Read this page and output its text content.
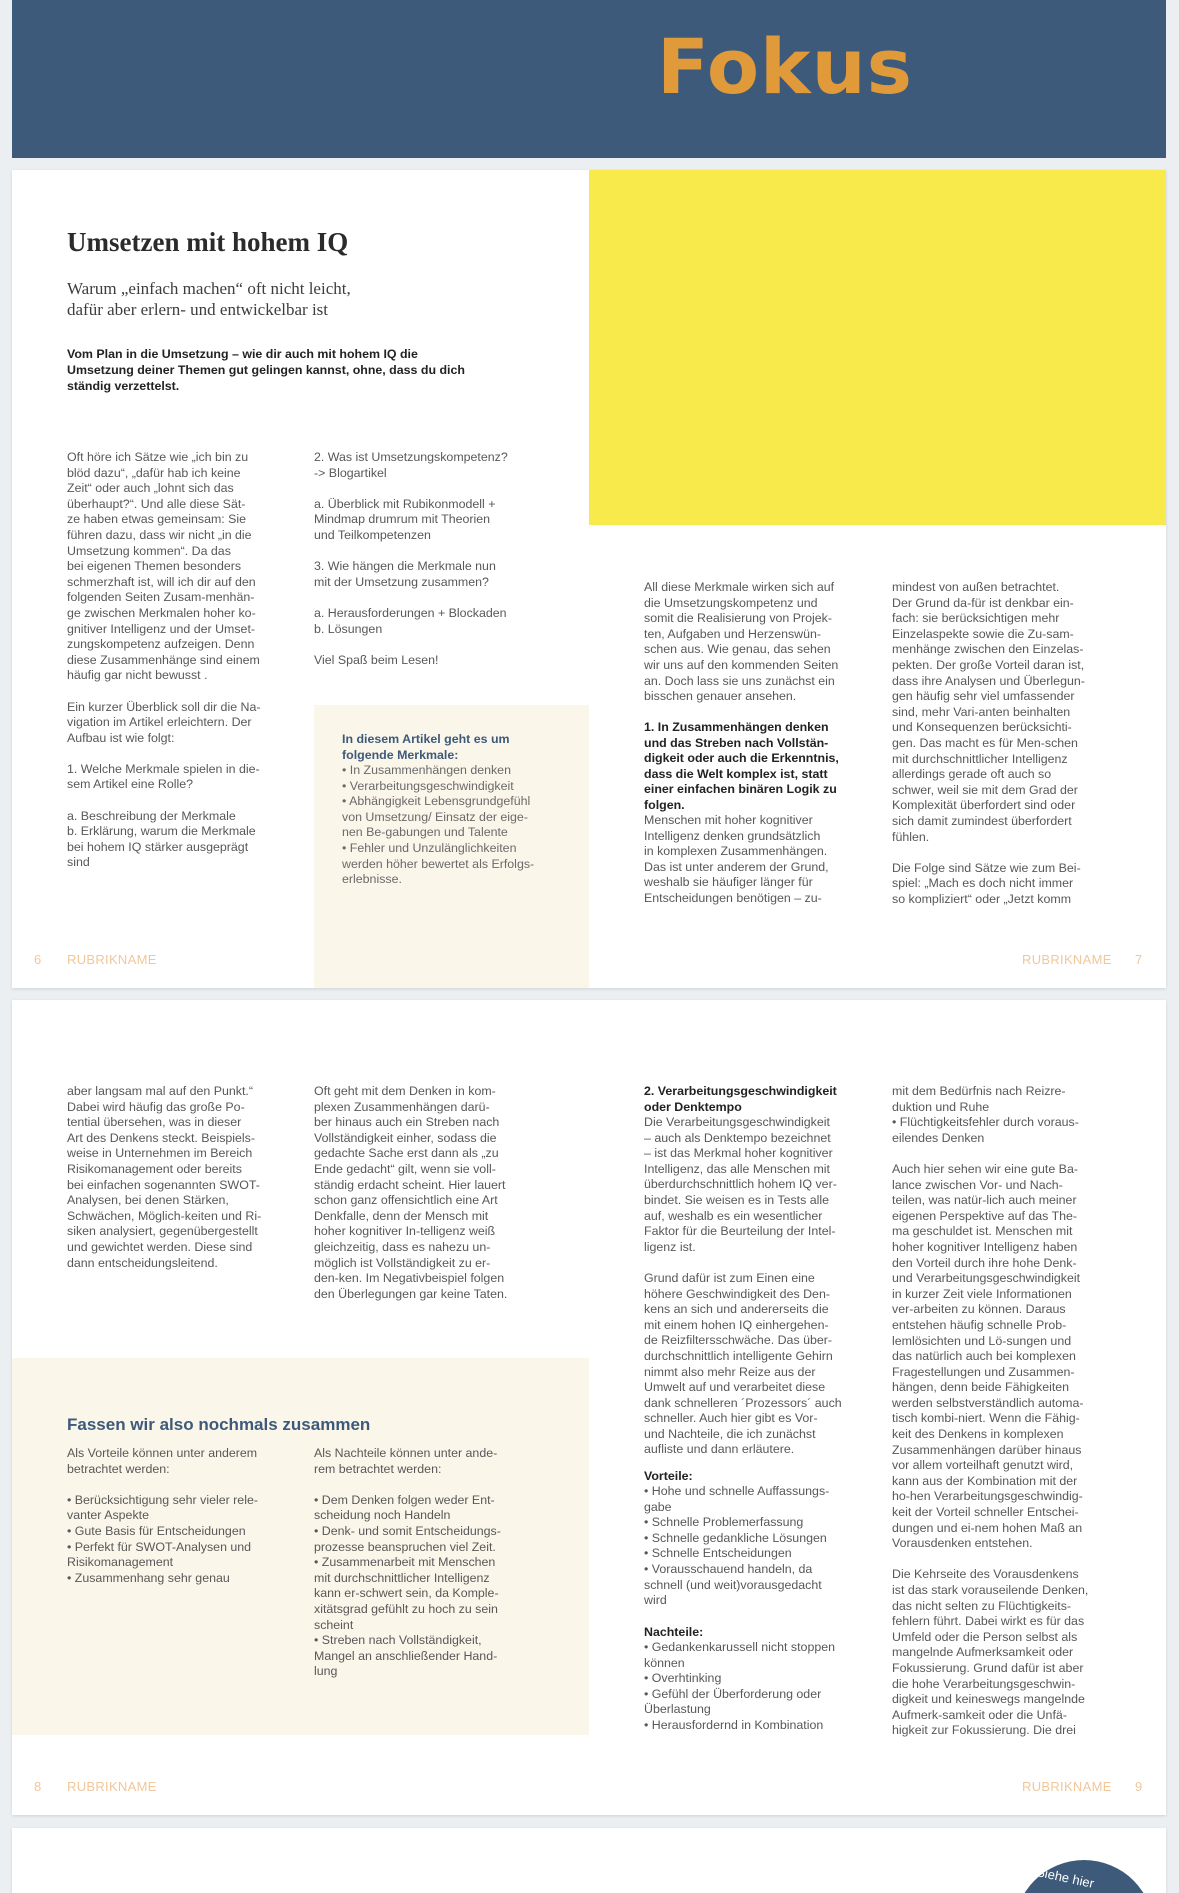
Fokus
Umsetzen mit hohem IQ
Warum „einfach machen“ oft nicht leicht,
dafür aber erlern- und entwickelbar ist
Vom Plan in die Umsetzung – wie dir auch mit hohem IQ die Umsetzung deiner Themen gut gelingen kannst, ohne, dass du dich ständig verzettelst.
Oft höre ich Sätze wie „ich bin zu
blöd dazu“, „dafür hab ich keine
Zeit“ oder auch „lohnt sich das
überhaupt?“. Und alle diese Sät-
ze haben etwas gemeinsam: Sie
führen dazu, dass wir nicht „in die
Umsetzung kommen“. Da das
bei eigenen Themen besonders
schmerzhaft ist, will ich dir auf den
folgenden Seiten Zusam-menhän-
ge zwischen Merkmalen hoher ko-
gnitiver Intelligenz und der Umset-
zungskompetenz aufzeigen. Denn
diese Zusammenhänge sind einem
häufig gar nicht bewusst .

Ein kurzer Überblick soll dir die Na-
vigation im Artikel erleichtern. Der
Aufbau ist wie folgt:

1. Welche Merkmale spielen in die-
sem Artikel eine Rolle?

a. Beschreibung der Merkmale
b. Erklärung, warum die Merkmale
bei hohem IQ stärker ausgeprägt
sind
2. Was ist Umsetzungskompetenz?
-> Blogartikel

a. Überblick mit Rubikonmodell +
Mindmap drumrum mit Theorien
und Teilkompetenzen

3. Wie hängen die Merkmale nun
mit der Umsetzung zusammen?

a. Herausforderungen + Blockaden
b. Lösungen

Viel Spaß beim Lesen!
In diesem Artikel geht es um
folgende Merkmale:
• In Zusammenhängen denken
• Verarbeitungsgeschwindigkeit
• Abhängigkeit Lebensgrundgefühl
von Umsetzung/ Einsatz der eige-
nen Be-gabungen und Talente
• Fehler und Unzulänglichkeiten
werden höher bewertet als Erfolgs-
erlebnisse.
All diese Merkmale wirken sich auf
die Umsetzungskompetenz und
somit die Realisierung von Projek-
ten, Aufgaben und Herzenswün-
schen aus. Wie genau, das sehen
wir uns auf den kommenden Seiten
an. Doch lass sie uns zunächst ein
bisschen genauer ansehen.

1. In Zusammenhängen denken
und das Streben nach Vollstän-
digkeit oder auch die Erkenntnis,
dass die Welt komplex ist, statt
einer einfachen binären Logik zu
folgen.
Menschen mit hoher kognitiver
Intelligenz denken grundsätzlich
in komplexen Zusammenhängen.
Das ist unter anderem der Grund,
weshalb sie häufiger länger für
Entscheidungen benötigen – zu-
mindest von außen betrachtet.
Der Grund da-für ist denkbar ein-
fach: sie berücksichtigen mehr
Einzelaspekte sowie die Zu-sam-
menhänge zwischen den Einzelas-
pekten. Der große Vorteil daran ist,
dass ihre Analysen und Überlegun-
gen häufig sehr viel umfassender
sind, mehr Vari-anten beinhalten
und Konsequenzen berücksichti-
gen. Das macht es für Men-schen
mit durchschnittlicher Intelligenz
allerdings gerade oft auch so
schwer, weil sie mit dem Grad der
Komplexität überfordert sind oder
sich damit zumindest überfordert
fühlen.

Die Folge sind Sätze wie zum Bei-
spiel: „Mach es doch nicht immer
so kompliziert“ oder „Jetzt komm
6 RUBRIKNAME	RUBRIKNAME 7
aber langsam mal auf den Punkt.“
Dabei wird häufig das große Po-
tential übersehen, was in dieser
Art des Denkens steckt. Beispiels-
weise in Unternehmen im Bereich
Risikomanagement oder bereits
bei einfachen sogenannten SWOT-
Analysen, bei denen Stärken,
Schwächen, Möglich-keiten und Ri-
siken analysiert, gegenübergestellt
und gewichtet werden. Diese sind
dann entscheidungsleitend.
Oft geht mit dem Denken in kom-
plexen Zusammenhängen darü-
ber hinaus auch ein Streben nach
Vollständigkeit einher, sodass die
gedachte Sache erst dann als „zu
Ende gedacht“ gilt, wenn sie voll-
ständig erdacht scheint. Hier lauert
schon ganz offensichtlich eine Art
Denkfalle, denn der Mensch mit
hoher kognitiver In-telligenz weiß
gleichzeitig, dass es nahezu un-
möglich ist Vollständigkeit zu er-
den-ken. Im Negativbeispiel folgen
den Überlegungen gar keine Taten.
Fassen wir also nochmals zusammen
Als Vorteile können unter anderem
betrachtet werden:

• Berücksichtigung sehr vieler rele-
vanter Aspekte
• Gute Basis für Entscheidungen
• Perfekt für SWOT-Analysen und
Risikomanagement
• Zusammenhang sehr genau
Als Nachteile können unter ande-
rem betrachtet werden:

• Dem Denken folgen weder Ent-
scheidung noch Handeln
• Denk- und somit Entscheidungs-
prozesse beanspruchen viel Zeit.
• Zusammenarbeit mit Menschen
mit durchschnittlicher Intelligenz
kann er-schwert sein, da Komple-
xitätsgrad gefühlt zu hoch zu sein
scheint
• Streben nach Vollständigkeit,
Mangel an anschließender Hand-
lung
2. Verarbeitungsgeschwindigkeit
oder Denktempo
Die Verarbeitungsgeschwindigkeit
– auch als Denktempo bezeichnet
– ist das Merkmal hoher kognitiver
Intelligenz, das alle Menschen mit
überdurchschnittlich hohem IQ ver-
bindet. Sie weisen es in Tests alle
auf, weshalb es ein wesentlicher
Faktor für die Beurteilung der Intel-
ligenz ist.

Grund dafür ist zum Einen eine
höhere Geschwindigkeit des Den-
kens an sich und andererseits die
mit einem hohen IQ einhergehen-
de Reizfiltersschwäche. Das über-
durchschnittlich intelligente Gehirn
nimmt also mehr Reize aus der
Umwelt auf und verarbeitet diese
dank schnelleren ´Prozessors´ auch
schneller. Auch hier gibt es Vor-
und Nachteile, die ich zunächst
aufliste und dann erläutere.

Vorteile:
• Hohe und schnelle Auffassungs-
gabe
• Schnelle Problemerfassung
• Schnelle gedankliche Lösungen
• Schnelle Entscheidungen
• Vorausschauend handeln, da
schnell (und weit)vorausgedacht
wird

Nachteile:
• Gedankenkarussell nicht stoppen
können
• Overhtinking
• Gefühl der Überforderung oder
Überlastung
• Herausfordernd in Kombination
mit dem Bedürfnis nach Reizre-
duktion und Ruhe
• Flüchtigkeitsfehler durch voraus-
eilendes Denken

Auch hier sehen wir eine gute Ba-
lance zwischen Vor- und Nach-
teilen, was natür-lich auch meiner
eigenen Perspektive auf das The-
ma geschuldet ist. Menschen mit
hoher kognitiver Intelligenz haben
den Vorteil durch ihre hohe Denk-
und Verarbeitungsgeschwindigkeit
in kurzer Zeit viele Informationen
ver-arbeiten zu können. Daraus
entstehen häufig schnelle Prob-
lemlösichten und Lö-sungen und
das natürlich auch bei komplexen
Fragestellungen und Zusammen-
hängen, denn beide Fähigkeiten
werden selbstverständlich automa-
tisch kombi-niert. Wenn die Fähig-
keit des Denkens in komplexen
Zusammenhängen darüber hinaus
vor allem vorteilhaft genutzt wird,
kann aus der Kombination mit der
ho-hen Verarbeitungsgeschwindig-
keit der Vorteil schneller Entschei-
dungen und ei-nem hohen Maß an
Vorausdenken entstehen.

Die Kehrseite des Vorausdenkens
ist das stark vorauseilende Denken,
das nicht selten zu Flüchtigkeits-
fehlern führt. Dabei wirkt es für das
Umfeld oder die Person selbst als
mangelnde Aufmerksamkeit oder
Fokussierung. Grund dafür ist aber
die hohe Verarbeitungsgeschwin-
digkeit und keineswegs mangelnde
Aufmerk-samkeit oder die Unfä-
higkeit zur Fokussierung. Die drei
8 RUBRIKNAME	RUBRIKNAME 9
Siehe hier
